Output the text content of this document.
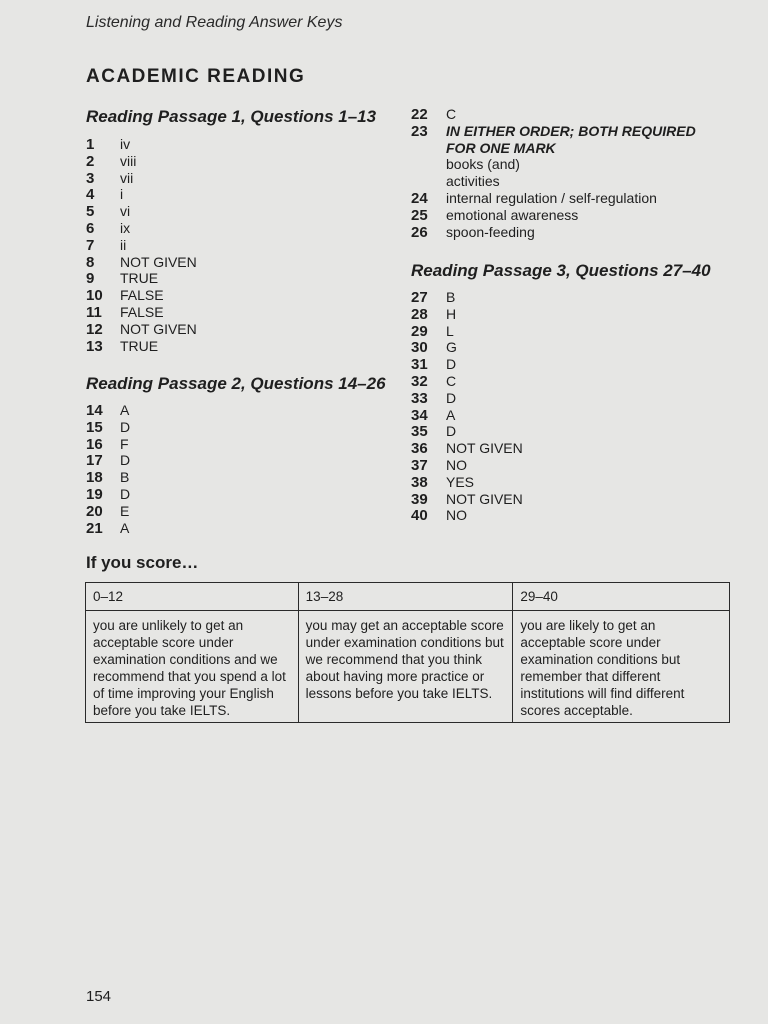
Listening and Reading Answer Keys
ACADEMIC READING
Reading Passage 1, Questions 1–13
1	iv
2	viii
3	vii
4	i
5	vi
6	ix
7	ii
8	NOT GIVEN
9	TRUE
10	FALSE
11	FALSE
12	NOT GIVEN
13	TRUE
Reading Passage 2, Questions 14–26
14	A
15	D
16	F
17	D
18	B
19	D
20	E
21	A
22	C
23	IN EITHER ORDER; BOTH REQUIRED
FOR ONE MARK
books (and)
activities
24	internal regulation / self-regulation
25	emotional awareness
26	spoon-feeding
Reading Passage 3, Questions 27–40
27	B
28	H
29	L
30	G
31	D
32	C
33	D
34	A
35	D
36	NOT GIVEN
37	NO
38	YES
39	NOT GIVEN
40	NO
If you score…
0–12	13–28	29–40
you are unlikely to get an acceptable score under examination conditions and we recommend that you spend a lot of time improving your English before you take IELTS.	you may get an acceptable score under examination conditions but we recommend that you think about having more practice or lessons before you take IELTS.	you are likely to get an acceptable score under examination conditions but remember that different institutions will find different scores acceptable.
154
